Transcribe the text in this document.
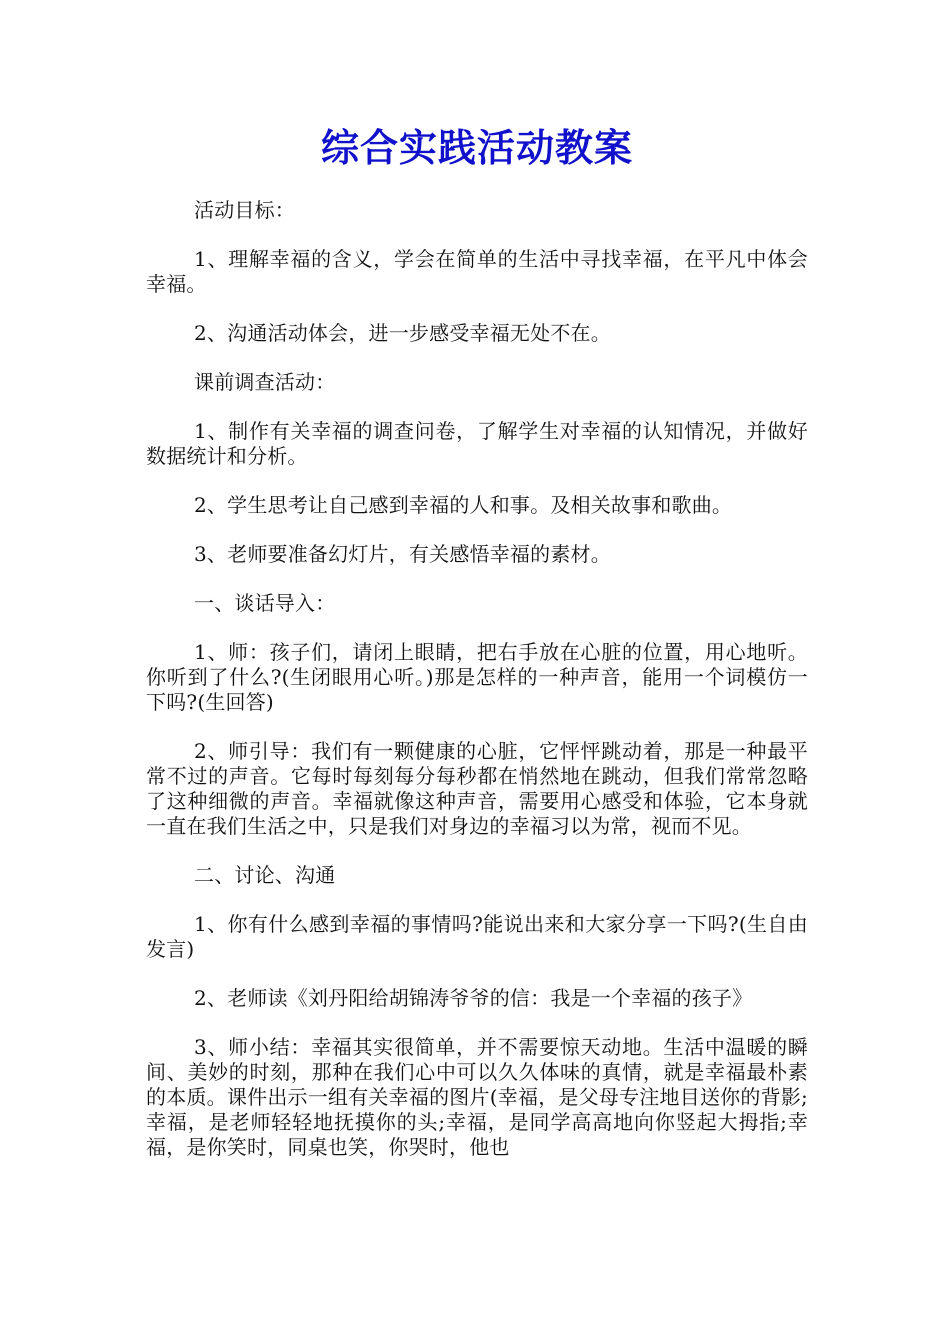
综合实践活动教案

活动目标：

1、理解幸福的含义，学会在简单的生活中寻找幸福，在平凡中体会幸福。

2、沟通活动体会，进一步感受幸福无处不在。

课前调查活动：

1、制作有关幸福的调查问卷，了解学生对幸福的认知情况，并做好数据统计和分析。

2、学生思考让自己感到幸福的人和事。及相关故事和歌曲。

3、老师要准备幻灯片，有关感悟幸福的素材。

一、谈话导入：

1、师：孩子们，请闭上眼睛，把右手放在心脏的位置，用心地听。你听到了什么?(生闭眼用心听。)那是怎样的一种声音，能用一个词模仿一下吗?(生回答)

2、师引导：我们有一颗健康的心脏，它怦怦跳动着，那是一种最平常不过的声音。它每时每刻每分每秒都在悄然地在跳动，但我们常常忽略了这种细微的声音。幸福就像这种声音，需要用心感受和体验，它本身就一直在我们生活之中，只是我们对身边的幸福习以为常，视而不见。

二、讨论、沟通

1、你有什么感到幸福的事情吗?能说出来和大家分享一下吗?(生自由发言)

2、老师读《刘丹阳给胡锦涛爷爷的信：我是一个幸福的孩子》

3、师小结：幸福其实很简单，并不需要惊天动地。生活中温暖的瞬间、美妙的时刻，那种在我们心中可以久久体味的真情，就是幸福最朴素的本质。课件出示一组有关幸福的图片(幸福，是父母专注地目送你的背影;幸福，是老师轻轻地抚摸你的头;幸福，是同学高高地向你竖起大拇指;幸福，是你笑时，同桌也笑，你哭时，他也
